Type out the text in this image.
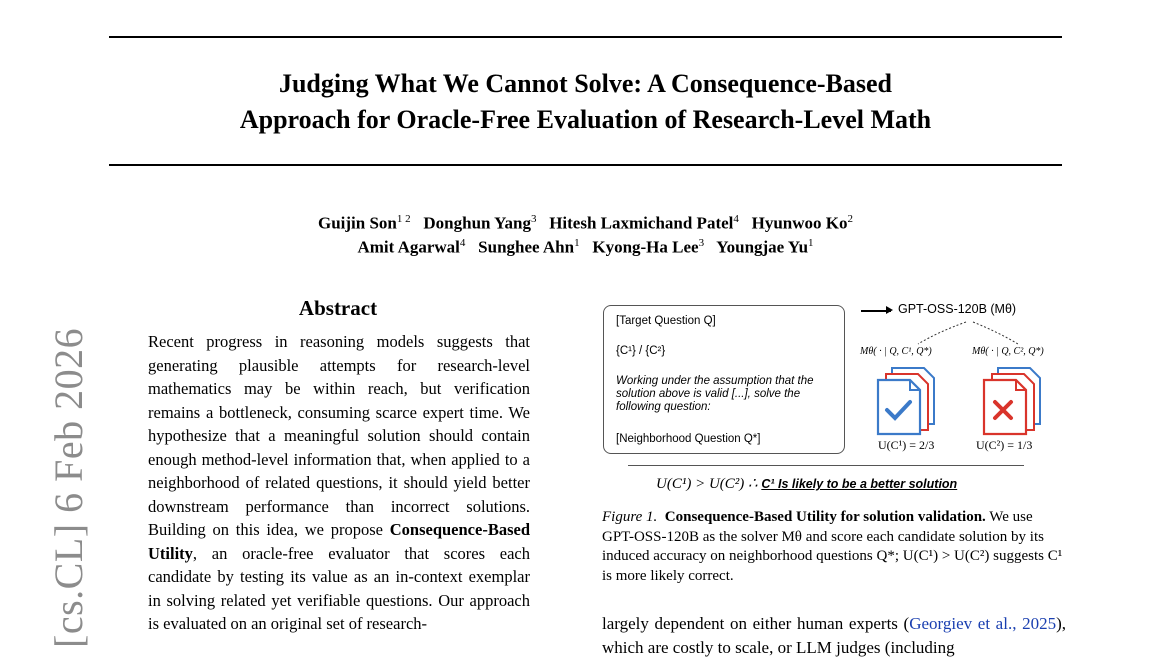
Judging What We Cannot Solve: A Consequence-Based
Approach for Oracle-Free Evaluation of Research-Level Math
Guijin Son$^{1 2}$ Donghun Yang$^3$ Hitesh Laxmichand Patel$^4$ Hyunwoo Ko$^2$
Amit Agarwal$^4$ Sunghee Ahn$^1$ Kyong-Ha Lee$^3$ Youngjae Yu$^1$
[cs.CL] 6 Feb 2026
Abstract
Recent progress in reasoning models suggests that generating plausible attempts for research-level mathematics may be within reach, but verification remains a bottleneck, consuming scarce expert time. We hypothesize that a meaningful solution should contain enough method-level information that, when applied to a neighborhood of related questions, it should yield better downstream performance than incorrect solutions. Building on this idea, we propose Consequence-Based Utility, an oracle-free evaluator that scores each candidate by testing its value as an in-context exemplar in solving related yet verifiable questions. Our approach is evaluated on an original set of research-
[Target Question Q]
{C¹} / {C²}
Working under the assumption that the solution above is valid [...], solve the following question:
[Neighborhood Question Q*]
GPT-OSS-120B (Mθ)
Mθ( · | Q, C¹, Q*)	Mθ( · | Q, C², Q*)
U(C¹) = 2/3	U(C²) = 1/3
U(C¹) > U(C²) ∴ C¹ Is likely to be a better solution
Figure 1. Consequence-Based Utility for solution validation. We use GPT-OSS-120B as the solver Mθ and score each candidate solution by its induced accuracy on neighborhood questions Q*; U(C¹) > U(C²) suggests C¹ is more likely correct.
largely dependent on either human experts (Georgiev et al., 2025), which are costly to scale, or LLM judges (including
